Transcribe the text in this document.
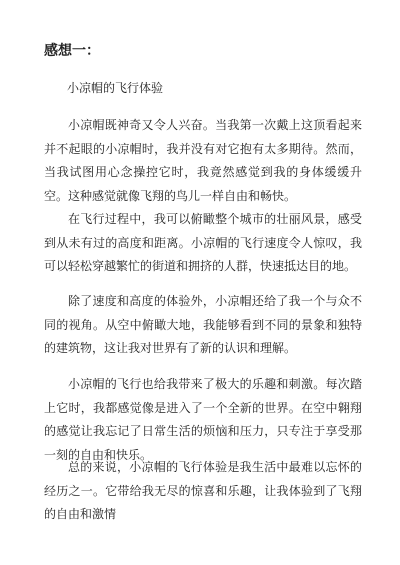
感想一：

小凉帽的飞行体验

小凉帽既神奇又令人兴奋。当我第一次戴上这顶看起来并不起眼的小凉帽时，我并没有对它抱有太多期待。然而，当我试图用心念操控它时，我竟然感觉到我的身体缓缓升空。这种感觉就像飞翔的鸟儿一样自由和畅快。

在飞行过程中，我可以俯瞰整个城市的壮丽风景，感受到从未有过的高度和距离。小凉帽的飞行速度令人惊叹，我可以轻松穿越繁忙的街道和拥挤的人群，快速抵达目的地。

除了速度和高度的体验外，小凉帽还给了我一个与众不同的视角。从空中俯瞰大地，我能够看到不同的景象和独特的建筑物，这让我对世界有了新的认识和理解。

小凉帽的飞行也给我带来了极大的乐趣和刺激。每次踏上它时，我都感觉像是进入了一个全新的世界。在空中翱翔的感觉让我忘记了日常生活的烦恼和压力，只专注于享受那一刻的自由和快乐。

总的来说，小凉帽的飞行体验是我生活中最难以忘怀的经历之一。它带给我无尽的惊喜和乐趣，让我体验到了飞翔的自由和激情
